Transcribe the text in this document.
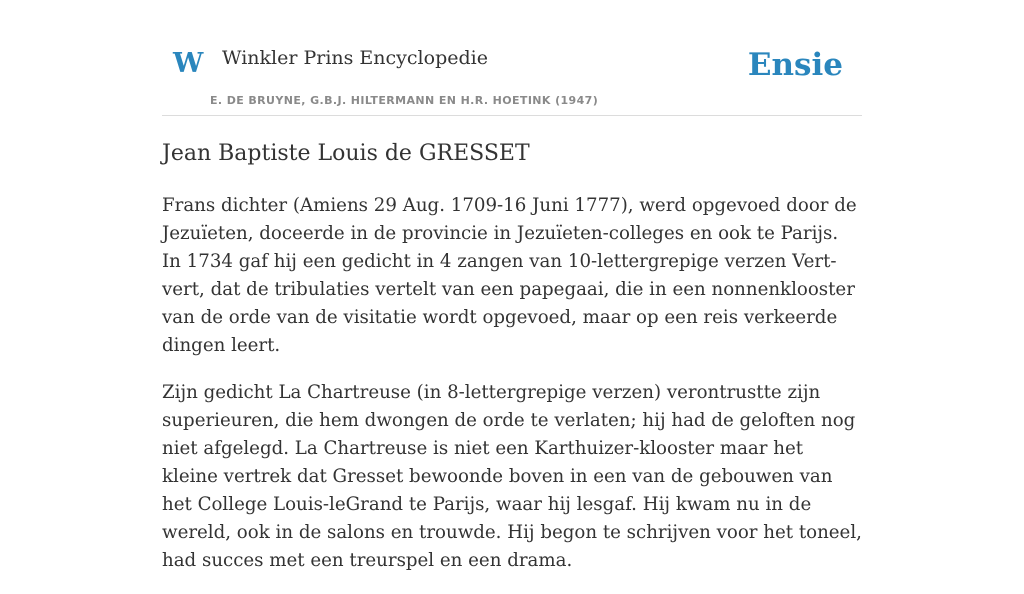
W Winkler Prins Encyclopedie
E. DE BRUYNE, G.B.J. HILTERMANN EN H.R. HOETINK (1947)
Ensie
Jean Baptiste Louis de GRESSET

Frans dichter (Amiens 29 Aug. 1709-16 Juni 1777), werd opgevoed door de Jezuïeten, doceerde in de provincie in Jezuïeten-colleges en ook te Parijs. In 1734 gaf hij een gedicht in 4 zangen van 10-lettergrepige verzen Vert-vert, dat de tribulaties vertelt van een papegaai, die in een nonnenklooster van de orde van de visitatie wordt opgevoed, maar op een reis verkeerde dingen leert.

Zijn gedicht La Chartreuse (in 8-lettergrepige verzen) verontrustte zijn superieuren, die hem dwongen de orde te verlaten; hij had de geloften nog niet afgelegd. La Chartreuse is niet een Karthuizer-klooster maar het kleine vertrek dat Gresset bewoonde boven in een van de gebouwen van het College Louis-leGrand te Parijs, waar hij lesgaf. Hij kwam nu in de wereld, ook in de salons en trouwde. Hij begon te schrijven voor het toneel, had succes met een treurspel en een drama.
